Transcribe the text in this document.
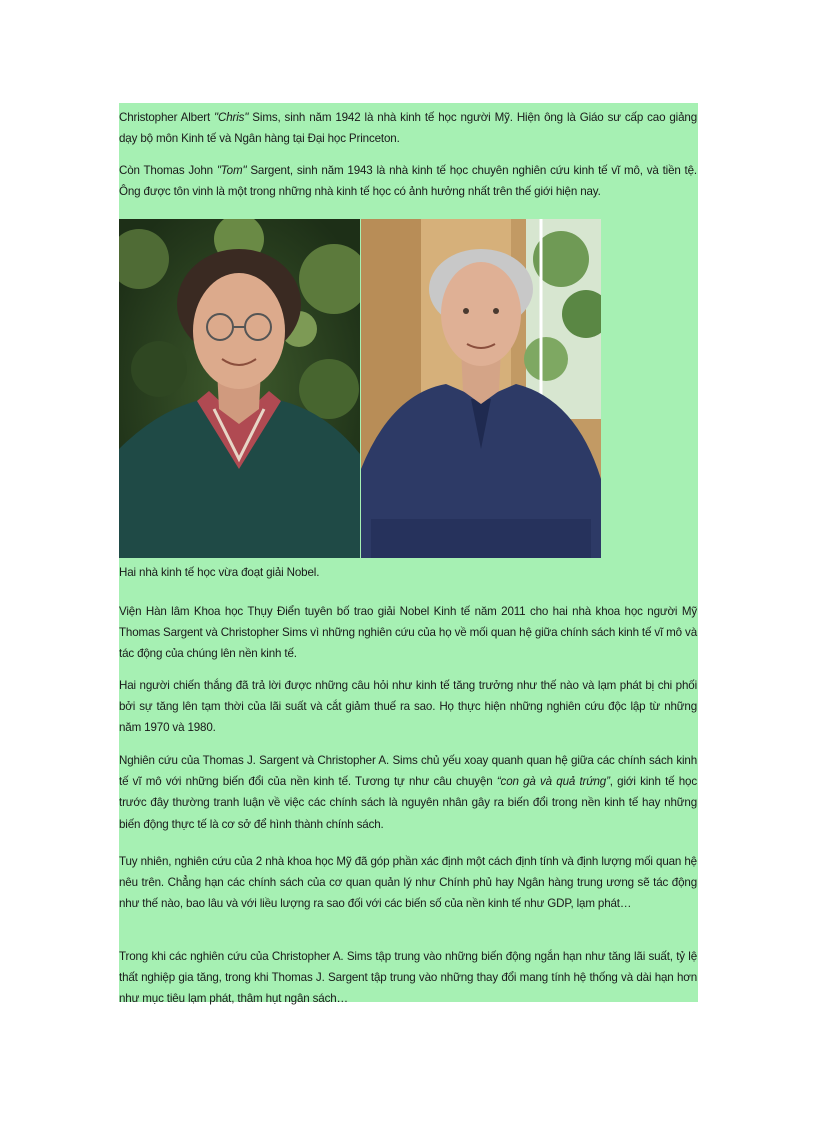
Christopher Albert "Chris" Sims, sinh năm 1942 là nhà kinh tế học người Mỹ. Hiện ông là Giáo sư cấp cao giảng dạy bộ môn Kinh tế và Ngân hàng tại Đại học Princeton.

Còn Thomas John "Tom" Sargent, sinh năm 1943 là nhà kinh tế học chuyên nghiên cứu kinh tế vĩ mô, và tiền tệ. Ông được tôn vinh là một trong những nhà kinh tế học có ảnh hưởng nhất trên thế giới hiện nay.

Hai nhà kinh tế học vừa đoạt giải Nobel.

Viện Hàn lâm Khoa học Thụy Điển tuyên bố trao giải Nobel Kinh tế năm 2011 cho hai nhà khoa học người Mỹ Thomas Sargent và Christopher Sims vì những nghiên cứu của họ về mối quan hệ giữa chính sách kinh tế vĩ mô và tác động của chúng lên nền kinh tế.

Hai người chiến thắng đã trả lời được những câu hỏi như kinh tế tăng trưởng như thế nào và lạm phát bị chi phối bởi sự tăng lên tạm thời của lãi suất và cắt giảm thuế ra sao. Họ thực hiện những nghiên cứu độc lập từ những năm 1970 và 1980.

Nghiên cứu của Thomas J. Sargent và Christopher A. Sims chủ yếu xoay quanh quan hệ giữa các chính sách kinh tế vĩ mô với những biến đổi của nền kinh tế. Tương tự như câu chuyện “con gà và quả trứng”, giới kinh tế học trước đây thường tranh luận về việc các chính sách là nguyên nhân gây ra biến đổi trong nền kinh tế hay những biến động thực tế là cơ sở để hình thành chính sách.

Tuy nhiên, nghiên cứu của 2 nhà khoa học Mỹ đã góp phần xác định một cách định tính và định lượng mối quan hệ nêu trên. Chẳng hạn các chính sách của cơ quan quản lý như Chính phủ hay Ngân hàng trung ương sẽ tác động như thế nào, bao lâu và với liều lượng ra sao đối với các biến số của nền kinh tế như GDP, lạm phát…

Trong khi các nghiên cứu của Christopher A. Sims tập trung vào những biến động ngắn hạn như tăng lãi suất, tỷ lệ thất nghiệp gia tăng, trong khi Thomas J. Sargent tập trung vào những thay đổi mang tính hệ thống và dài hạn hơn như mục tiêu lạm phát, thâm hụt ngân sách…
